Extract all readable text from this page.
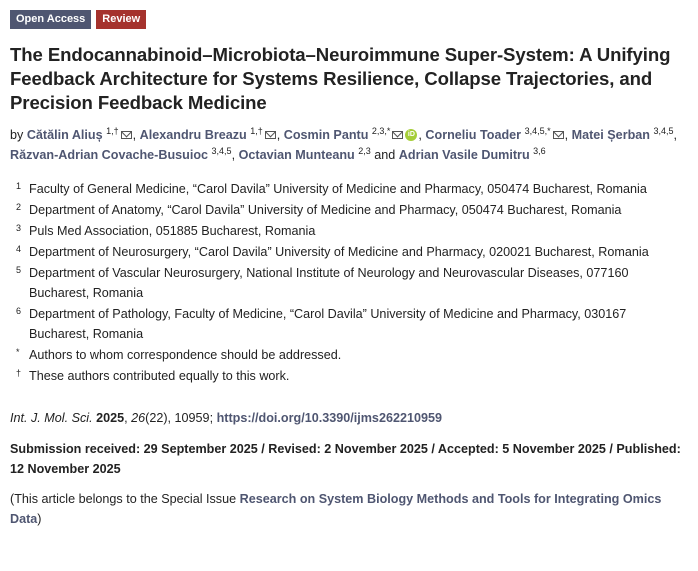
Open Access	Review
The Endocannabinoid–Microbiota–Neuroimmune Super-System: A Unifying Feedback Architecture for Systems Resilience, Collapse Trajectories, and Precision Feedback Medicine
by Cătălin Aliuș $^{1,\dagger}$ , Alexandru Breazu $^{1,\dagger}$ , Cosmin Pantu $^{2,3,*}$	iD , Corneliu Toader $^{3,4,5,*}$ , Matei Șerban $^{3,4,5}$, Răzvan-Adrian Covache-Busuioc $^{3,4,5}$, Octavian Munteanu $^{2,3}$ and Adrian Vasile Dumitru $^{3,6}$
1 Faculty of General Medicine, “Carol Davila” University of Medicine and Pharmacy, 050474 Bucharest, Romania
2 Department of Anatomy, “Carol Davila” University of Medicine and Pharmacy, 050474 Bucharest, Romania
3 Puls Med Association, 051885 Bucharest, Romania
4 Department of Neurosurgery, “Carol Davila” University of Medicine and Pharmacy, 020021 Bucharest, Romania
5 Department of Vascular Neurosurgery, National Institute of Neurology and Neurovascular Diseases, 077160 Bucharest, Romania
6 Department of Pathology, Faculty of Medicine, “Carol Davila” University of Medicine and Pharmacy, 030167 Bucharest, Romania
* Authors to whom correspondence should be addressed.
† These authors contributed equally to this work.
Int. J. Mol. Sci. 2025, 26(22), 10959; https://doi.org/10.3390/ijms262210959
Submission received: 29 September 2025 / Revised: 2 November 2025 / Accepted: 5 November 2025 / Published: 12 November 2025
(This article belongs to the Special Issue Research on System Biology Methods and Tools for Integrating Omics Data)
